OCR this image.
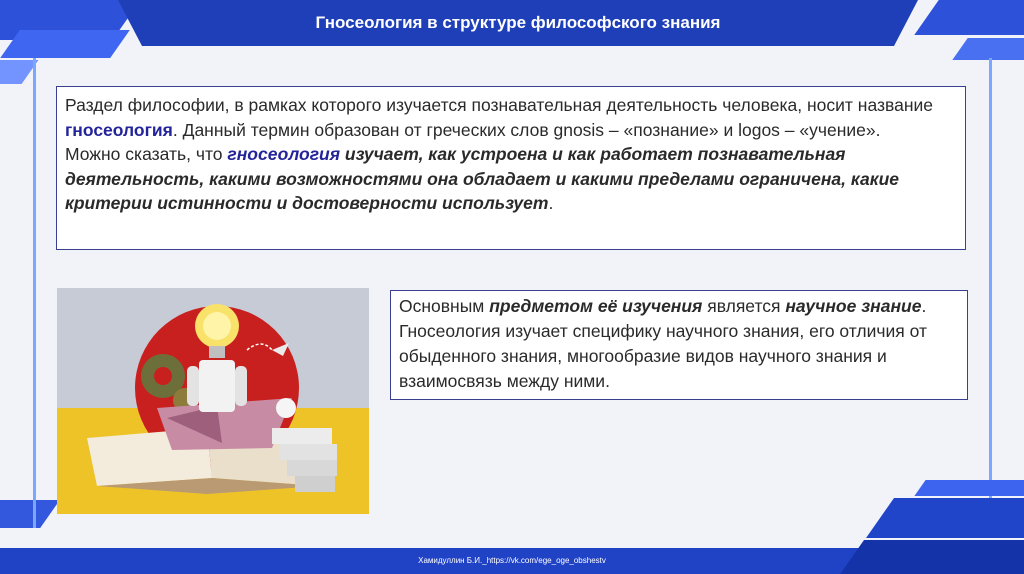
Гносеология в структуре философского знания
Раздел философии, в рамках которого изучается познавательная деятельность человека, носит название гносеология. Данный термин образован от греческих слов gnosis – «познание» и logos – «учение».
Можно сказать, что гносеология изучает, как устроена и как работает познавательная деятельность, какими возможностями она обладает и какими пределами ограничена, какие критерии истинности и достоверности использует.
Основным предметом её изучения является научное знание. Гносеология изучает специфику научного знания, его отличия от обыденного знания, многообразие видов научного знания и взаимосвязь между ними.
Хамидуллин Б.И._https://vk.com/ege_oge_obshestv
